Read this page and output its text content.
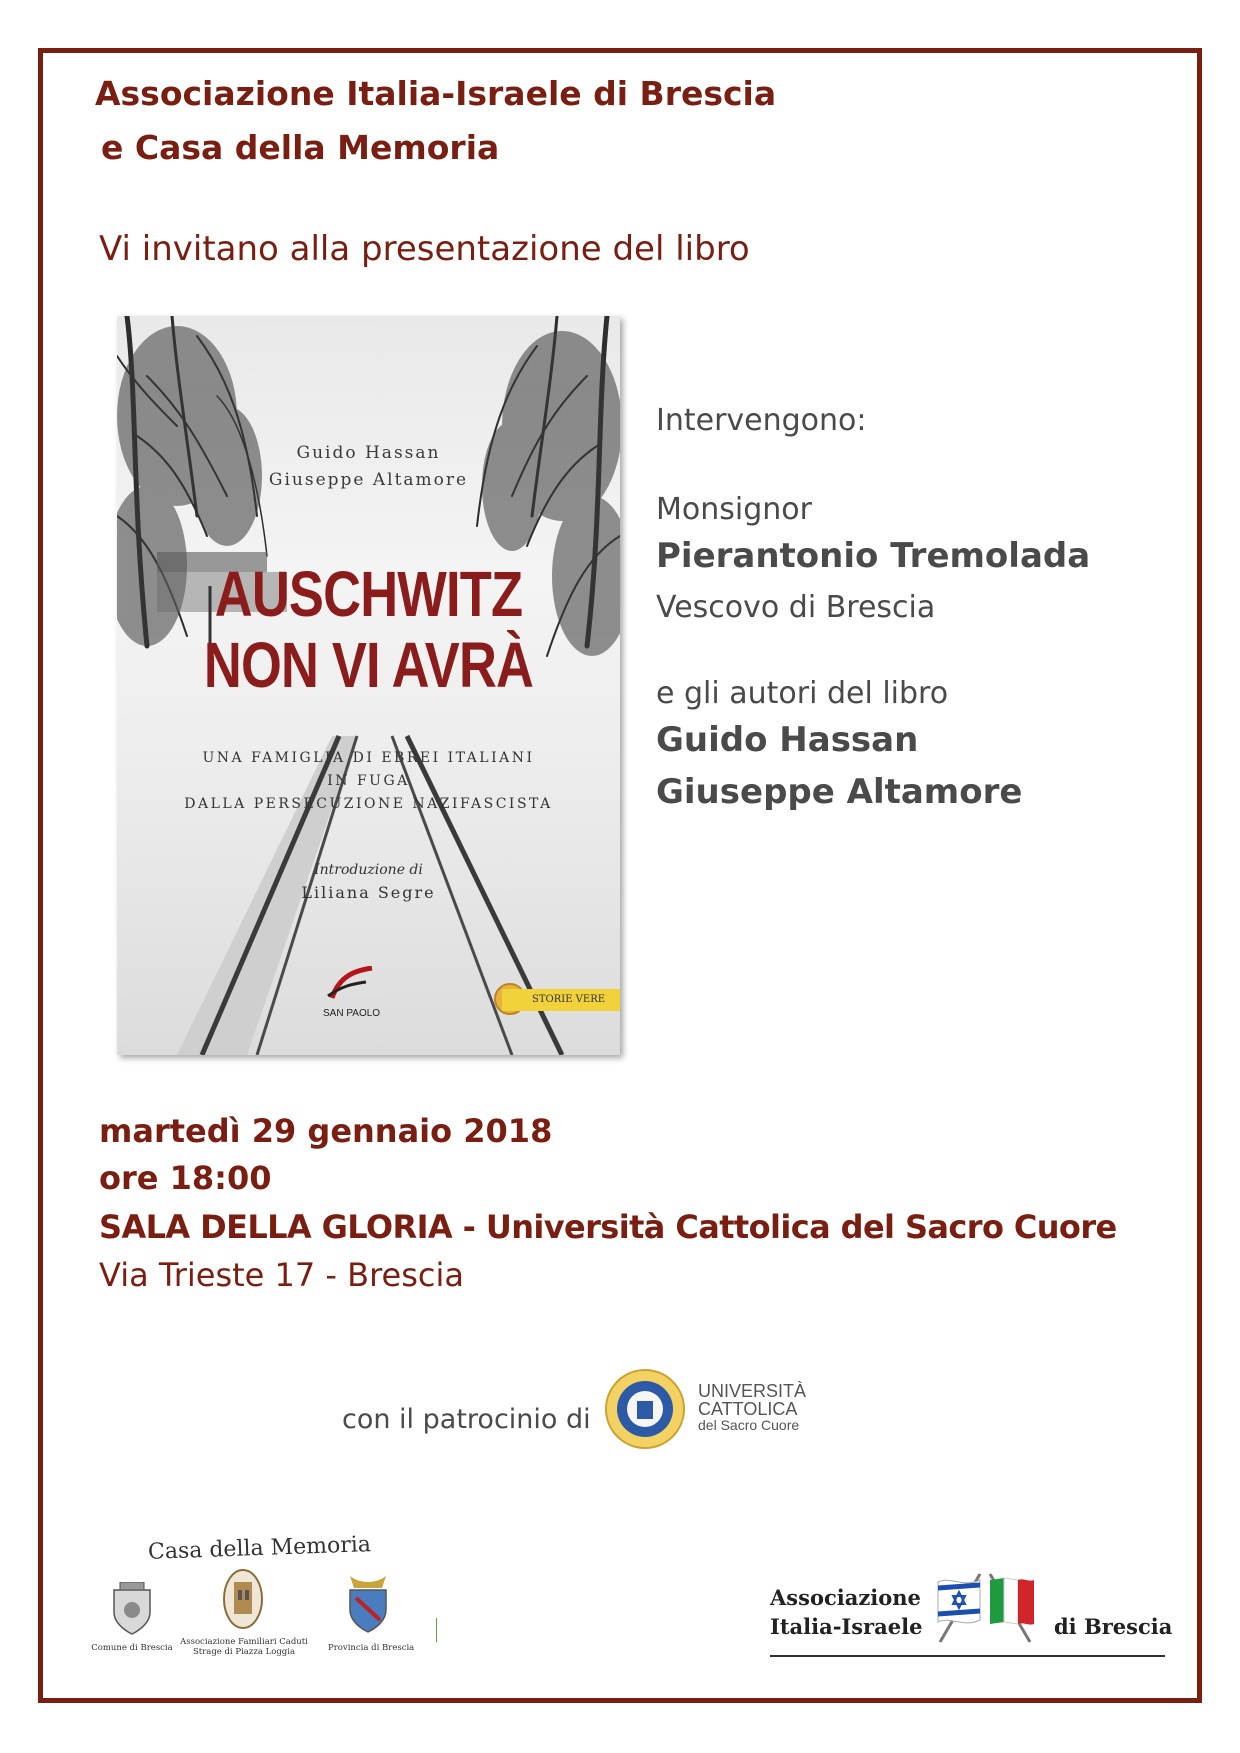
Associazione Italia-Israele di Brescia
e Casa della Memoria
Vi invitano alla presentazione del libro
Guido Hassan
Giuseppe Altamore
AUSCHWITZ
NON VI AVRÀ
UNA FAMIGLIA DI EBREI ITALIANI
IN FUGA
DALLA PERSECUZIONE NAZIFASCISTA
Introduzione di
Liliana Segre
SAN PAOLO
STORIE VERE
Intervengono:
Monsignor
Pierantonio Tremolada
Vescovo di Brescia
e gli autori del libro
Guido Hassan
Giuseppe Altamore
martedì 29 gennaio 2018
ore 18:00
SALA DELLA GLORIA - Università Cattolica del Sacro Cuore
Via Trieste 17 - Brescia
con il patrocinio di
UNIVERSITÀ
CATTOLICA
del Sacro Cuore
Casa della Memoria
Comune di Brescia
Associazione Familiari Caduti
Strage di Piazza Loggia	Provincia di Brescia
Associazione
Italia-Israele	di Brescia
